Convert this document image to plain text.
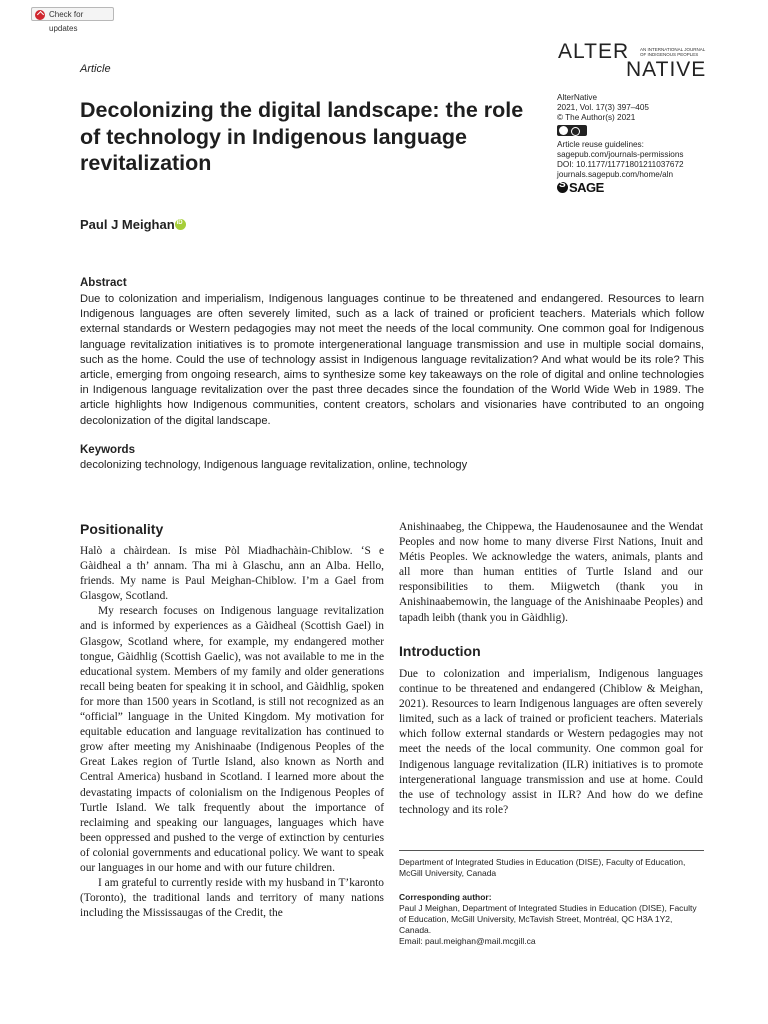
Check for updates
Article
ALTER AN INTERNATIONAL JOURNAL OF INDIGENOUS PEOPLES
NATIVE
AlterNative
2021, Vol. 17(3) 397–405
© The Author(s) 2021
Article reuse guidelines:
sagepub.com/journals-permissions
DOI: 10.1177/11771801211037672
journals.sagepub.com/home/aln
S
SAGE
Decolonizing the digital landscape: the role of technology in Indigenous language revitalization
Paul J MeighaniD
Abstract

Due to colonization and imperialism, Indigenous languages continue to be threatened and endangered. Resources to learn Indigenous languages are often severely limited, such as a lack of trained or proficient teachers. Materials which follow external standards or Western pedagogies may not meet the needs of the local community. One common goal for Indigenous language revitalization initiatives is to promote intergenerational language transmission and use in multiple social domains, such as the home. Could the use of technology assist in Indigenous language revitalization? And what would be its role? This article, emerging from ongoing research, aims to synthesize some key takeaways on the role of digital and online technologies in Indigenous language revitalization over the past three decades since the foundation of the World Wide Web in 1989. The article highlights how Indigenous communities, content creators, scholars and visionaries have contributed to an ongoing decolonization of the digital landscape.

Keywords
decolonizing technology, Indigenous language revitalization, online, technology
Positionality

Halò a chàirdean. Is mise Pòl Miadhachàin-Chiblow. ‘S e Gàidheal a th’ annam. Tha mi à Glaschu, ann an Alba. Hello, friends. My name is Paul Meighan-Chiblow. I’m a Gael from Glasgow, Scotland.

My research focuses on Indigenous language revitalization and is informed by experiences as a Gàidheal (Scottish Gael) in Glasgow, Scotland where, for example, my endangered mother tongue, Gàidhlig (Scottish Gaelic), was not available to me in the educational system. Members of my family and older generations recall being beaten for speaking it in school, and Gàidhlig, spoken for more than 1500 years in Scotland, is still not recognized as an “official” language in the United Kingdom. My motivation for equitable education and language revitalization has continued to grow after meeting my Anishinaabe (Indigenous Peoples of the Great Lakes region of Turtle Island, also known as North and Central America) husband in Scotland. I learned more about the devastating impacts of colonialism on the Indigenous Peoples of Turtle Island. We talk frequently about the importance of reclaiming and speaking our languages, languages which have been oppressed and pushed to the verge of extinction by centuries of colonial governments and educational policy. We want to speak our languages in our home and with our future children.

I am grateful to currently reside with my husband in T’karonto (Toronto), the traditional lands and territory of many nations including the Mississaugas of the Credit, the

Anishinaabeg, the Chippewa, the Haudenosaunee and the Wendat Peoples and now home to many diverse First Nations, Inuit and Métis Peoples. We acknowledge the waters, animals, plants and all more than human entities of Turtle Island and our responsibilities to them. Miigwetch (thank you in Anishinaabemowin, the language of the Anishinaabe Peoples) and tapadh leibh (thank you in Gàidhlig).

Introduction

Due to colonization and imperialism, Indigenous languages continue to be threatened and endangered (Chiblow & Meighan, 2021). Resources to learn Indigenous languages are often severely limited, such as a lack of trained or proficient teachers. Materials which follow external standards or Western pedagogies may not meet the needs of the local community. One common goal for Indigenous language revitalization (ILR) initiatives is to promote intergenerational language transmission and use at home. Could the use of technology assist in ILR? And how do we define technology and its role?

Department of Integrated Studies in Education (DISE), Faculty of Education, McGill University, Canada
Corresponding author:
Paul J Meighan, Department of Integrated Studies in Education (DISE), Faculty of Education, McGill University, McTavish Street, Montréal, QC H3A 1Y2, Canada.
Email: paul.meighan@mail.mcgill.ca
